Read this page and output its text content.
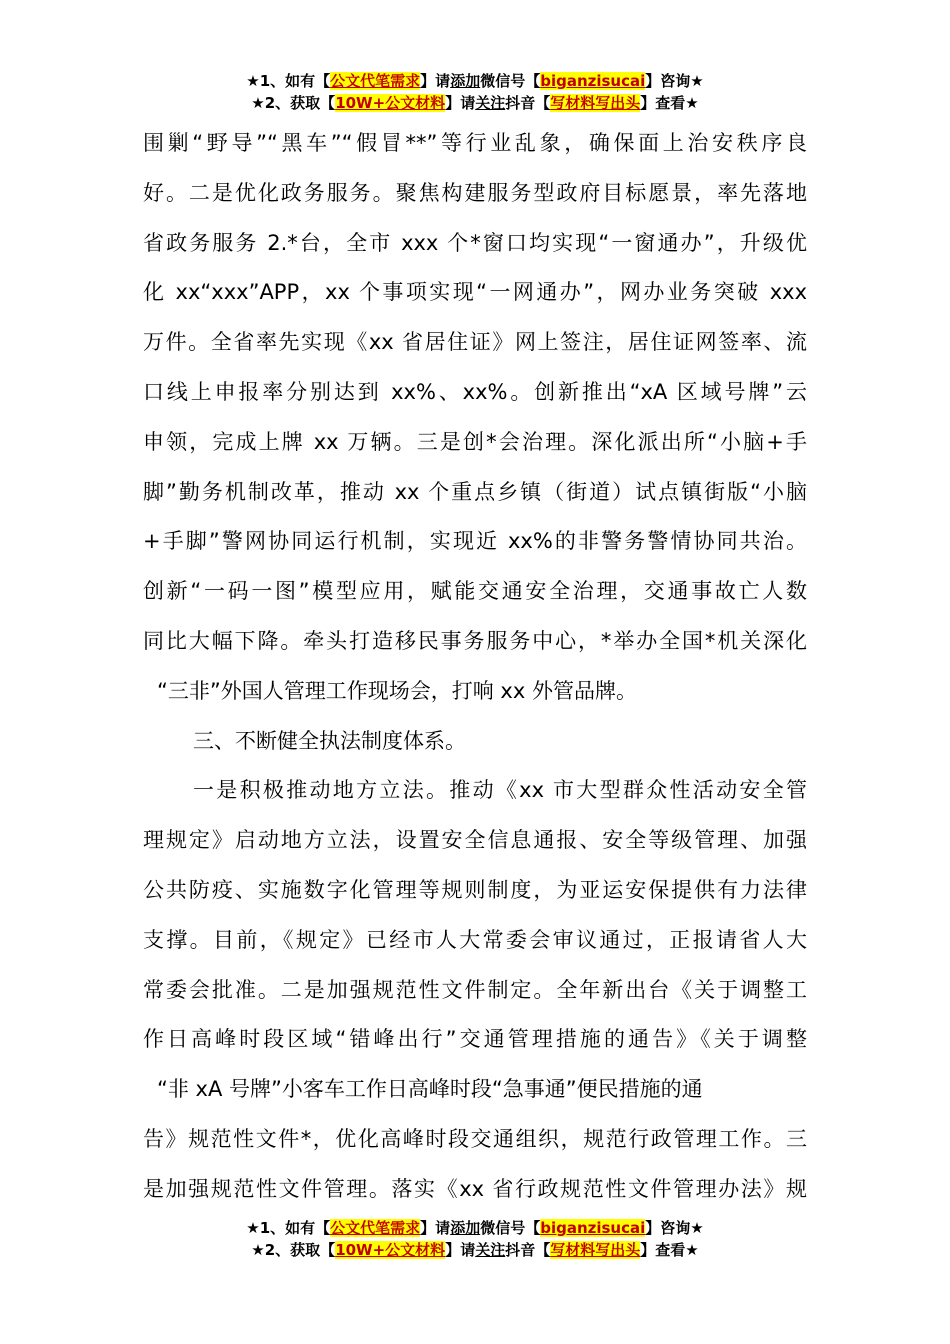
★1、如有【公文代笔需求】请添加微信号【biganzisucai】咨询★
★2、获取【10W+公文材料】请关注抖音【写材料写出头】查看★
围剿“野导”“黑车”“假冒**”等行业乱象，确保面上治安秩序良
好。二是优化政务服务。聚焦构建服务型政府目标愿景，率先落地
省政务服务 2.*台，全市 xxx 个*窗口均实现“一窗通办”，升级优
化 xx“xxx”APP，xx 个事项实现“一网通办”，网办业务突破 xxx
万件。全省率先实现《xx 省居住证》网上签注，居住证网签率、流
口线上申报率分别达到 xx%、xx%。创新推出“xA 区域号牌”云
申领，完成上牌 xx 万辆。三是创*会治理。深化派出所“小脑+手
脚”勤务机制改革，推动 xx 个重点乡镇（街道）试点镇街版“小脑
+手脚”警网协同运行机制，实现近 xx%的非警务警情协同共治。
创新“一码一图”模型应用，赋能交通安全治理，交通事故亡人数
同比大幅下降。牵头打造移民事务服务中心，*举办全国*机关深化
“三非”外国人管理工作现场会，打响 xx 外管品牌。
三、不断健全执法制度体系。
一是积极推动地方立法。推动《xx 市大型群众性活动安全管
理规定》启动地方立法，设置安全信息通报、安全等级管理、加强
公共防疫、实施数字化管理等规则制度，为亚运安保提供有力法律
支撑。目前，《规定》已经市人大常委会审议通过，正报请省人大
常委会批准。二是加强规范性文件制定。全年新出台《关于调整工
作日高峰时段区域“错峰出行”交通管理措施的通告》《关于调整
“非 xA 号牌”小客车工作日高峰时段“急事通”便民措施的通
告》规范性文件*，优化高峰时段交通组织，规范行政管理工作。三
是加强规范性文件管理。落实《xx 省行政规范性文件管理办法》规
★1、如有【公文代笔需求】请添加微信号【biganzisucai】咨询★
★2、获取【10W+公文材料】请关注抖音【写材料写出头】查看★
